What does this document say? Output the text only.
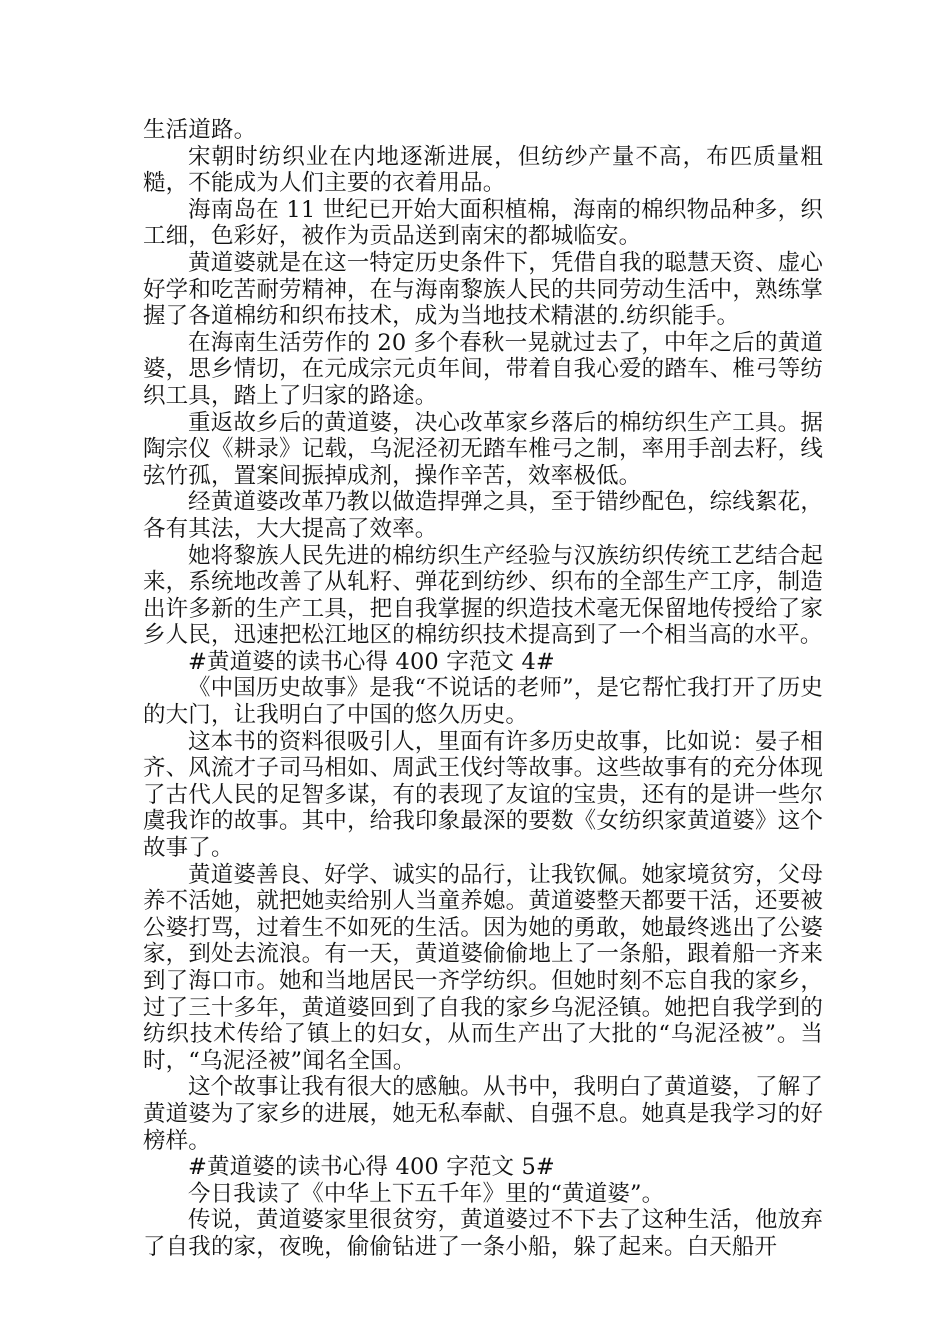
生活道路。

宋朝时纺织业在内地逐渐进展，但纺纱产量不高，布匹质量粗糙，不能成为人们主要的衣着用品。

海南岛在 11 世纪已开始大面积植棉，海南的棉织物品种多，织工细，色彩好，被作为贡品送到南宋的都城临安。

黄道婆就是在这一特定历史条件下，凭借自我的聪慧天资、虚心好学和吃苦耐劳精神，在与海南黎族人民的共同劳动生活中，熟练掌握了各道棉纺和织布技术，成为当地技术精湛的.纺织能手。

在海南生活劳作的 20 多个春秋一晃就过去了，中年之后的黄道婆，思乡情切，在元成宗元贞年间，带着自我心爱的踏车、椎弓等纺织工具，踏上了归家的路途。

重返故乡后的黄道婆，决心改革家乡落后的棉纺织生产工具。据陶宗仪《耕录》记载，乌泥泾初无踏车椎弓之制，率用手剖去籽，线弦竹孤，置案间振掉成剂，操作辛苦，效率极低。

经黄道婆改革乃教以做造捍弹之具，至于错纱配色，综线絮花，各有其法，大大提高了效率。

她将黎族人民先进的棉纺织生产经验与汉族纺织传统工艺结合起来，系统地改善了从轧籽、弹花到纺纱、织布的全部生产工序，制造出许多新的生产工具，把自我掌握的织造技术毫无保留地传授给了家乡人民，迅速把松江地区的棉纺织技术提高到了一个相当高的水平。

#黄道婆的读书心得 400 字范文 4#

《中国历史故事》是我“不说话的老师”，是它帮忙我打开了历史的大门，让我明白了中国的悠久历史。

这本书的资料很吸引人，里面有许多历史故事，比如说：晏子相齐、风流才子司马相如、周武王伐纣等故事。这些故事有的充分体现了古代人民的足智多谋，有的表现了友谊的宝贵，还有的是讲一些尔虞我诈的故事。其中，给我印象最深的要数《女纺织家黄道婆》这个故事了。

黄道婆善良、好学、诚实的品行，让我钦佩。她家境贫穷，父母养不活她，就把她卖给别人当童养媳。黄道婆整天都要干活，还要被公婆打骂，过着生不如死的生活。因为她的勇敢，她最终逃出了公婆家，到处去流浪。有一天，黄道婆偷偷地上了一条船，跟着船一齐来到了海口市。她和当地居民一齐学纺织。但她时刻不忘自我的家乡，过了三十多年，黄道婆回到了自我的家乡乌泥泾镇。她把自我学到的纺织技术传给了镇上的妇女，从而生产出了大批的“乌泥泾被”。当时，“乌泥泾被”闻名全国。

这个故事让我有很大的感触。从书中，我明白了黄道婆，了解了黄道婆为了家乡的进展，她无私奉献、自强不息。她真是我学习的好榜样。

#黄道婆的读书心得 400 字范文 5#

今日我读了《中华上下五千年》里的“黄道婆”。

传说，黄道婆家里很贫穷，黄道婆过不下去了这种生活，他放弃了自我的家，夜晚，偷偷钻进了一条小船，躲了起来。白天船开
